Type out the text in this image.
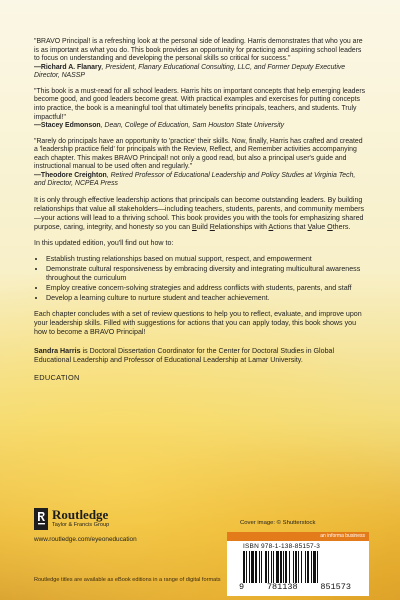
"BRAVO Principal! is a refreshing look at the personal side of leading. Harris demonstrates that who you are is as important as what you do. This book provides an opportunity for practicing and aspiring school leaders to focus on understanding and developing the personal skills so critical for success."
—Richard A. Flanary, President, Flanary Educational Consulting, LLC, and Former Deputy Executive Director, NASSP

"This book is a must-read for all school leaders. Harris hits on important concepts that help emerging leaders become good, and good leaders become great. With practical examples and exercises for putting concepts into practice, the book is a meaningful tool that ultimately benefits principals, teachers, and students. Truly impactful!"
—Stacey Edmonson, Dean, College of Education, Sam Houston State University

"Rarely do principals have an opportunity to 'practice' their skills. Now, finally, Harris has crafted and created a 'leadership practice field' for principals with the Review, Reflect, and Remember activities accompanying each chapter. This makes BRAVO Principal! not only a good read, but also a principal user's guide and instructional manual to be used often and regularly."
—Theodore Creighton, Retired Professor of Educational Leadership and Policy Studies at Virginia Tech, and Director, NCPEA Press

It is only through effective leadership actions that principals can become outstanding leaders. By building relationships that value all stakeholders—including teachers, students, parents, and community members—your actions will lead to a thriving school. This book provides you with the tools for emphasizing shared purpose, caring, integrity, and honesty so you can Build Relationships with Actions that Value Others.

In this updated edition, you'll find out how to:

• Establish trusting relationships based on mutual support, respect, and empowerment
• Demonstrate cultural responsiveness by embracing diversity and integrating multicultural awareness throughout the curriculum
• Employ creative concern-solving strategies and address conflicts with students, parents, and staff
• Develop a learning culture to nurture student and teacher achievement.

Each chapter concludes with a set of review questions to help you to reflect, evaluate, and improve upon your leadership skills. Filled with suggestions for actions that you can apply today, this book shows you how to become a BRAVO Principal!

Sandra Harris is Doctoral Dissertation Coordinator for the Center for Doctoral Studies in Global Educational Leadership and Professor of Educational Leadership at Lamar University.

EDUCATION

Routledge
Taylor & Francis Group
www.routledge.com/eyeoneducation
Routledge titles are available as eBook editions in a range of digital formats
Cover image: © Shutterstock
an informa business
ISBN 978-1-138-85157-3
9	781138	851573
